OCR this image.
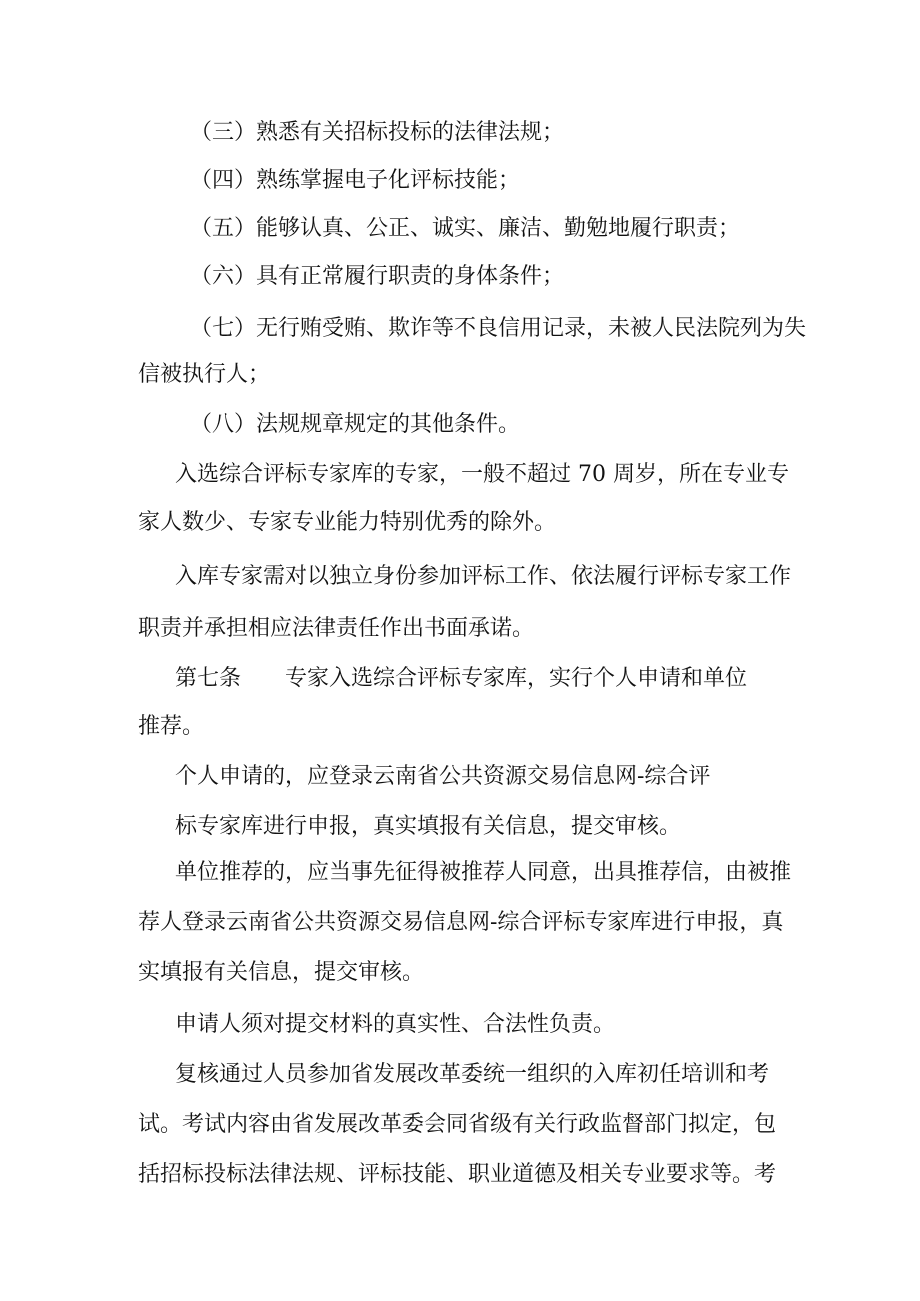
（三）熟悉有关招标投标的法律法规；

（四）熟练掌握电子化评标技能；

（五）能够认真、公正、诚实、廉洁、勤勉地履行职责；

（六）具有正常履行职责的身体条件；

（七）无行贿受贿、欺诈等不良信用记录，未被人民法院列为失

信被执行人；

（八）法规规章规定的其他条件。

入选综合评标专家库的专家，一般不超过 70 周岁，所在专业专

家人数少、专家专业能力特别优秀的除外。

入库专家需对以独立身份参加评标工作、依法履行评标专家工作

职责并承担相应法律责任作出书面承诺。

第七条 专家入选综合评标专家库，实行个人申请和单位

推荐。

个人申请的，应登录云南省公共资源交易信息网-综合评

标专家库进行申报，真实填报有关信息，提交审核。

单位推荐的，应当事先征得被推荐人同意，出具推荐信，由被推

荐人登录云南省公共资源交易信息网-综合评标专家库进行申报，真

实填报有关信息，提交审核。

申请人须对提交材料的真实性、合法性负责。

复核通过人员参加省发展改革委统一组织的入库初任培训和考

试。考试内容由省发展改革委会同省级有关行政监督部门拟定，包

括招标投标法律法规、评标技能、职业道德及相关专业要求等。考
